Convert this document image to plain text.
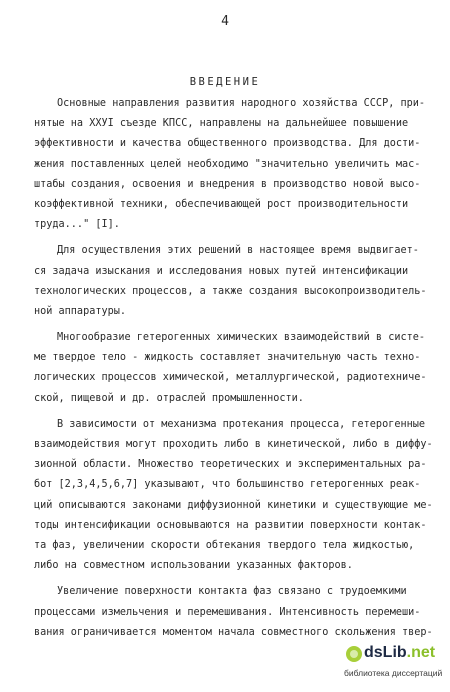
4
ВВЕДЕНИЕ
Основные направления развития народного хозяйства СССР, при-
нятые на ХХУI съезде КПСС, направлены на дальнейшее повышение
эффективности и качества общественного производства. Для дости-
жения поставленных целей необходимо "значительно увеличить мас-
штабы создания, освоения и внедрения в производство новой высо-
коэффективной техники, обеспечивающей рост производительности
труда..." [I].
Для осуществления этих решений в настоящее время выдвигает-
ся задача изыскания и исследования новых путей интенсификации
технологических процессов, а также создания высокопроизводитель-
ной аппаратуры.
Многообразие гетерогенных химических взаимодействий в систе-
ме твердое тело - жидкость составляет значительную часть техно-
логических процессов химической, металлургической, радиотехниче-
ской, пищевой и др. отраслей промышленности.
В зависимости от механизма протекания процесса, гетерогенные
взаимодействия могут проходить либо в кинетической, либо в диффу-
зионной области. Множество теоретических и экспериментальных ра-
бот [2,3,4,5,6,7] указывают, что большинство гетерогенных реак-
ций описываются законами диффузионной кинетики и существующие ме-
тоды интенсификации основываются на развитии поверхности контак-
та фаз, увеличении скорости обтекания твердого тела жидкостью,
либо на совместном использовании указанных факторов.
Увеличение поверхности контакта фаз связано с трудоемкими
процессами измельчения и перемешивания. Интенсивность перемеши-
вания ограничивается моментом начала совместного скольжения твер-
dsLib.net
библиотека диссертаций
